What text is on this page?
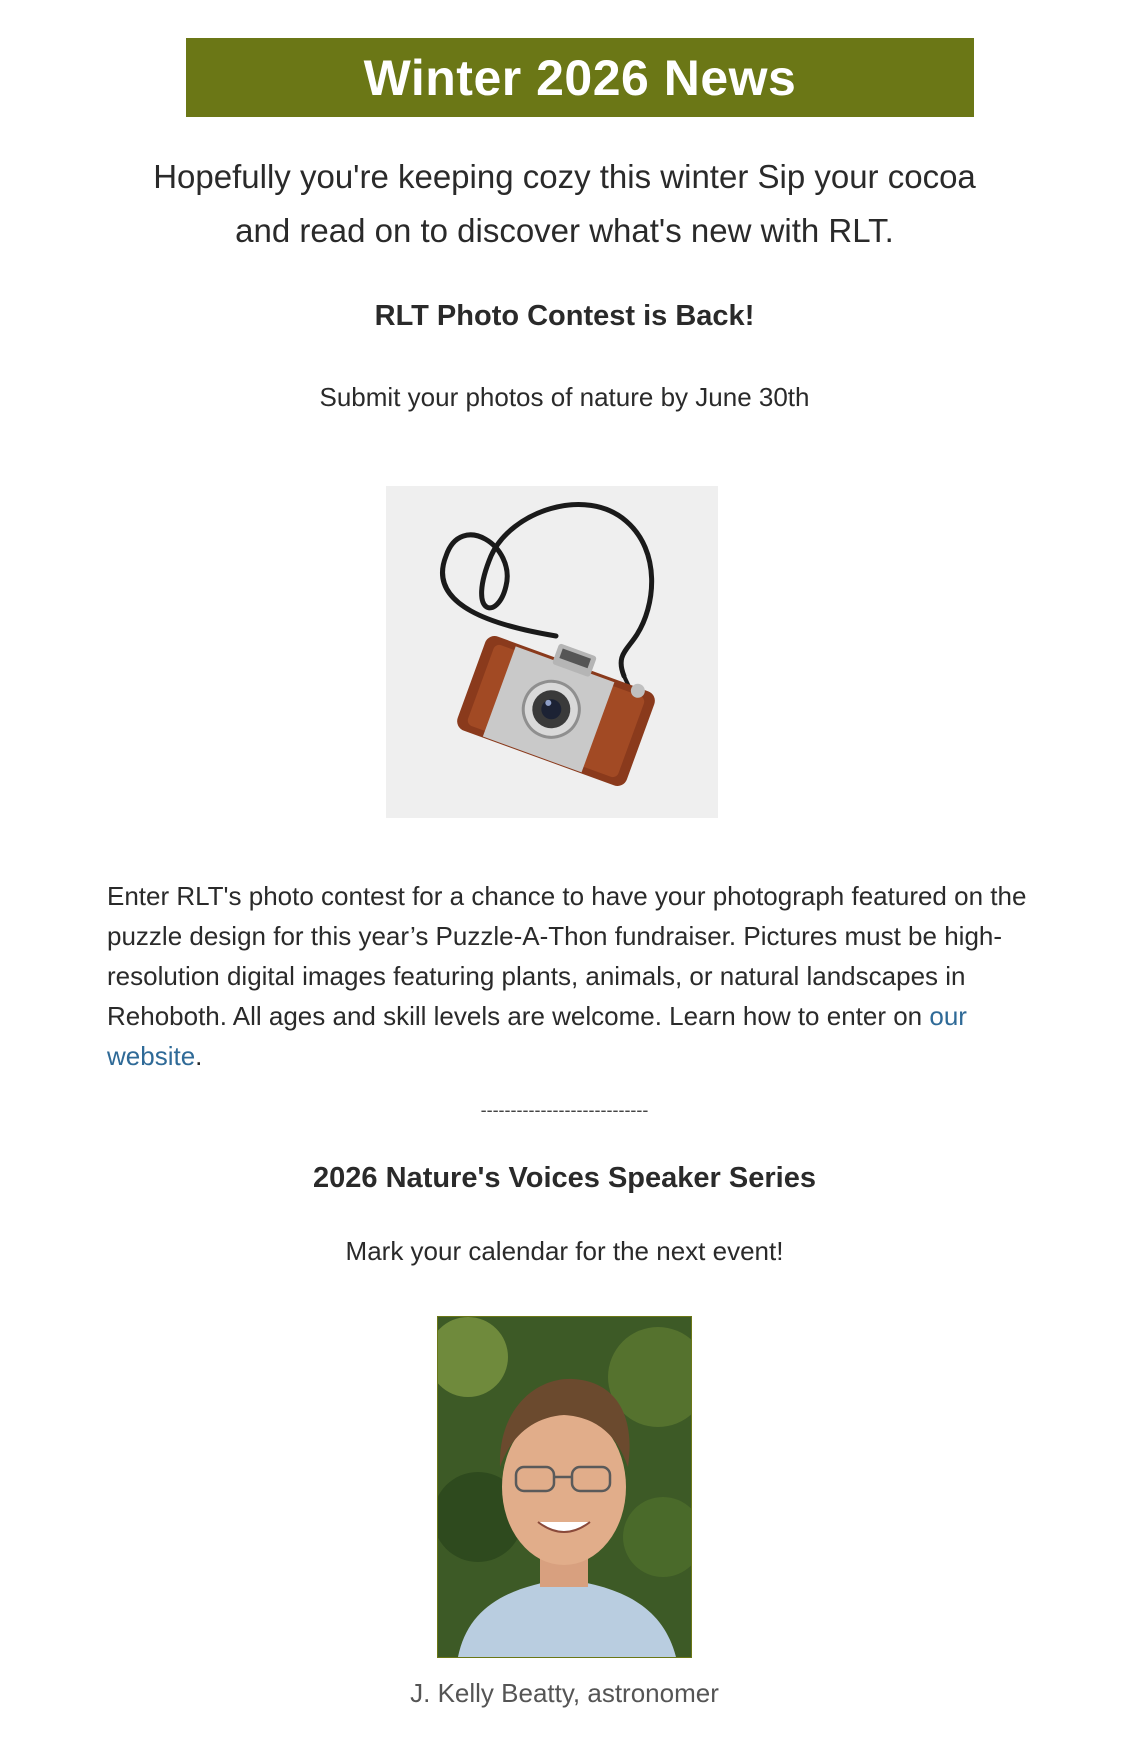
Winter 2026 News
Hopefully you're keeping cozy this winter Sip your cocoa
and read on to discover what's new with RLT.
RLT Photo Contest is Back!
Submit your photos of nature by June 30th
Enter RLT's photo contest for a chance to have your photograph featured on the puzzle design for this year’s Puzzle-A-Thon fundraiser. Pictures must be high-resolution digital images featuring plants, animals, or natural landscapes in Rehoboth. All ages and skill levels are welcome. Learn how to enter on our website.
----------------------------
2026 Nature's Voices Speaker Series
Mark your calendar for the next event!
J. Kelly Beatty, astronomer
